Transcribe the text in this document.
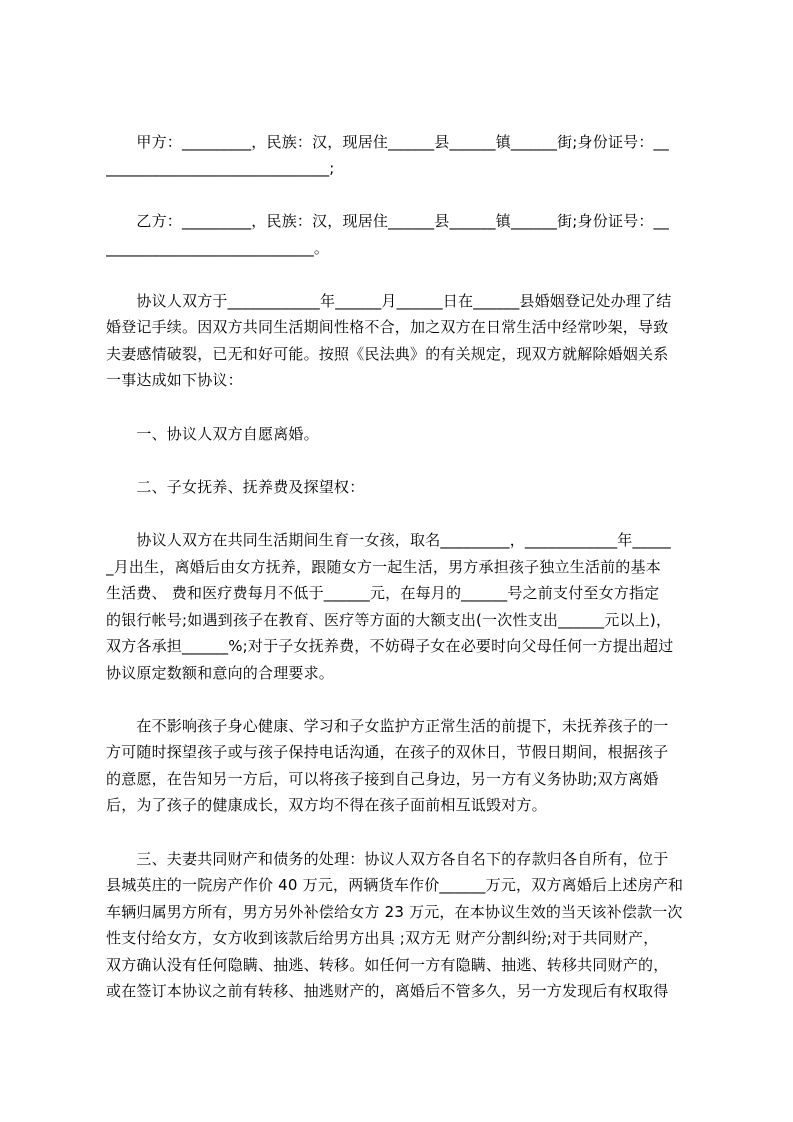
　　甲方：_________，民族：汉，现居住______县______镇______街;身份证号：__
_____________________________;
　　乙方：_________，民族：汉，现居住______县______镇______街;身份证号：__
___________________________。
　　协议人双方于____________年______月______日在______县婚姻登记处办理了结
婚登记手续。因双方共同生活期间性格不合，加之双方在日常生活中经常吵架，导致
夫妻感情破裂，已无和好可能。按照《民法典》的有关规定，现双方就解除婚姻关系
一事达成如下协议：
　　一、协议人双方自愿离婚。
　　二、子女抚养、抚养费及探望权：
　　协议人双方在共同生活期间生育一女孩，取名_________，____________年_____
_月出生，离婚后由女方抚养，跟随女方一起生活，男方承担孩子独立生活前的基本
生活费、 费和医疗费每月不低于______元，在每月的______号之前支付至女方指定
的银行帐号;如遇到孩子在教育、医疗等方面的大额支出(一次性支出______元以上)，
双方各承担______%;对于子女抚养费，不妨碍子女在必要时向父母任何一方提出超过
协议原定数额和意向的合理要求。
　　在不影响孩子身心健康、学习和子女监护方正常生活的前提下，未抚养孩子的一
方可随时探望孩子或与孩子保持电话沟通，在孩子的双休日，节假日期间，根据孩子
的意愿，在告知另一方后，可以将孩子接到自己身边，另一方有义务协助;双方离婚
后，为了孩子的健康成长，双方均不得在孩子面前相互诋毁对方。
　　三、夫妻共同财产和债务的处理：协议人双方各自名下的存款归各自所有，位于
县城英庄的一院房产作价 40 万元，两辆货车作价______万元，双方离婚后上述房产和
车辆归属男方所有，男方另外补偿给女方 23 万元，在本协议生效的当天该补偿款一次
性支付给女方，女方收到该款后给男方出具 ;双方无 财产分割纠纷;对于共同财产，
双方确认没有任何隐瞒、抽逃、转移。如任何一方有隐瞒、抽逃、转移共同财产的，
或在签订本协议之前有转移、抽逃财产的，离婚后不管多久，另一方发现后有权取得
